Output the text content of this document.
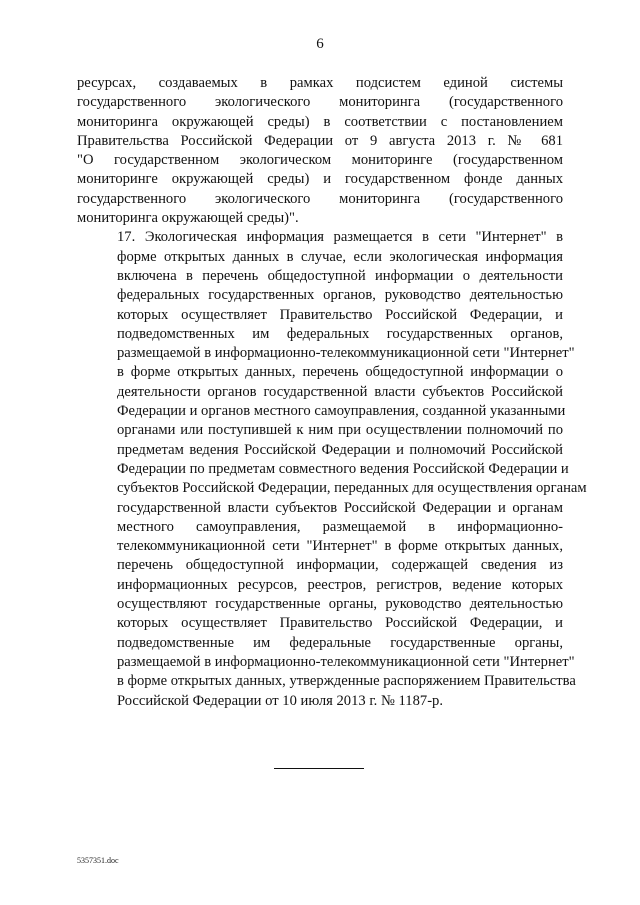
6

ресурсах, создаваемых в рамках подсистем единой системы
государственного экологического мониторинга (государственного
мониторинга окружающей среды) в соответствии с постановлением
Правительства Российской Федерации от 9 августа 2013 г. № 681
"О государственном экологическом мониторинге (государственном
мониторинге окружающей среды) и государственном фонде данных
государственного экологического мониторинга (государственного
мониторинга окружающей среды)".

17. Экологическая информация размещается в сети "Интернет" в
форме открытых данных в случае, если экологическая информация
включена в перечень общедоступной информации о деятельности
федеральных государственных органов, руководство деятельностью
которых осуществляет Правительство Российской Федерации, и
подведомственных им федеральных государственных органов,
размещаемой в информационно-телекоммуникационной сети "Интернет"
в форме открытых данных, перечень общедоступной информации о
деятельности органов государственной власти субъектов Российской
Федерации и органов местного самоуправления, созданной указанными
органами или поступившей к ним при осуществлении полномочий по
предметам ведения Российской Федерации и полномочий Российской
Федерации по предметам совместного ведения Российской Федерации и
субъектов Российской Федерации, переданных для осуществления органам
государственной власти субъектов Российской Федерации и органам
местного самоуправления, размещаемой в информационно-
телекоммуникационной сети "Интернет" в форме открытых данных,
перечень общедоступной информации, содержащей сведения из
информационных ресурсов, реестров, регистров, ведение которых
осуществляют государственные органы, руководство деятельностью
которых осуществляет Правительство Российской Федерации, и
подведомственные им федеральные государственные органы,
размещаемой в информационно-телекоммуникационной сети "Интернет"
в форме открытых данных, утвержденные распоряжением Правительства
Российской Федерации от 10 июля 2013 г. № 1187-р.

5357351.doc
